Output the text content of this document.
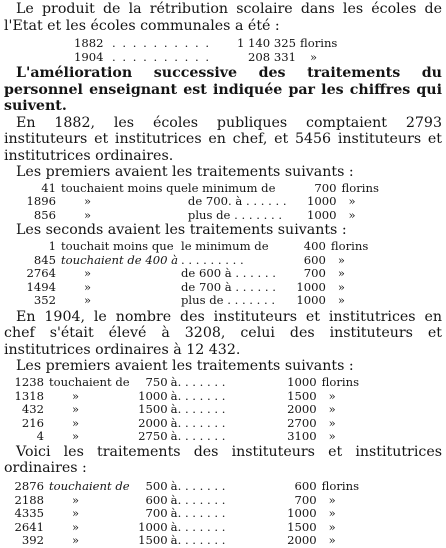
Le produit de la rétribution scolaire dans les écoles de l'Etat et les écoles communales a été :

1882	. . . . . . . . . .	1 140 325	florins
1904	. . . . . . . . . .	208 331	»

L'amélioration successive des traitements du personnel enseignant est indiquée par les chiffres qui suivent.

En 1882, les écoles publiques comptaient 2793 instituteurs et institutrices en chef, et 5456 instituteurs et institutrices ordinaires.

Les premiers avaient les traitements suivants :

41	touchaient moins que	le minimum de	700	florins
1896	»	de 700. à . . . . . .	1000	»
856	»	plus de . . . . . . .	1000	»

Les seconds avaient les traitements suivants :

1	touchait moins que	le minimum de	400	florins
845	touchaient de 400 à	. . . . . . . . .	600	»
2764	»	de 600 à . . . . . .	700	»
1494	»	de 700 à . . . . . .	1000	»
352	»	plus de . . . . . . .	1000	»

En 1904, le nombre des instituteurs et institutrices en chef s'était élevé à 3208, celui des instituteurs et institutrices ordinaires à 12 432.

Les premiers avaient les traitements suivants :

1238	touchaient de	750	à. . . . . . .	1000	florins
1318	»	1000	à. . . . . . .	1500	»
432	»	1500	à. . . . . . .	2000	»
216	»	2000	à. . . . . . .	2700	»
4	»	2750	à. . . . . . .	3100	»

Voici les traitements des instituteurs et institutrices ordinaires :

2876	touchaient de	500	à. . . . . . .	600	florins
2188	»	600	à. . . . . . .	700	»
4335	»	700	à. . . . . . .	1000	»
2641	»	1000	à. . . . . . .	1500	»
392	»	1500	à. . . . . . .	2000	»
